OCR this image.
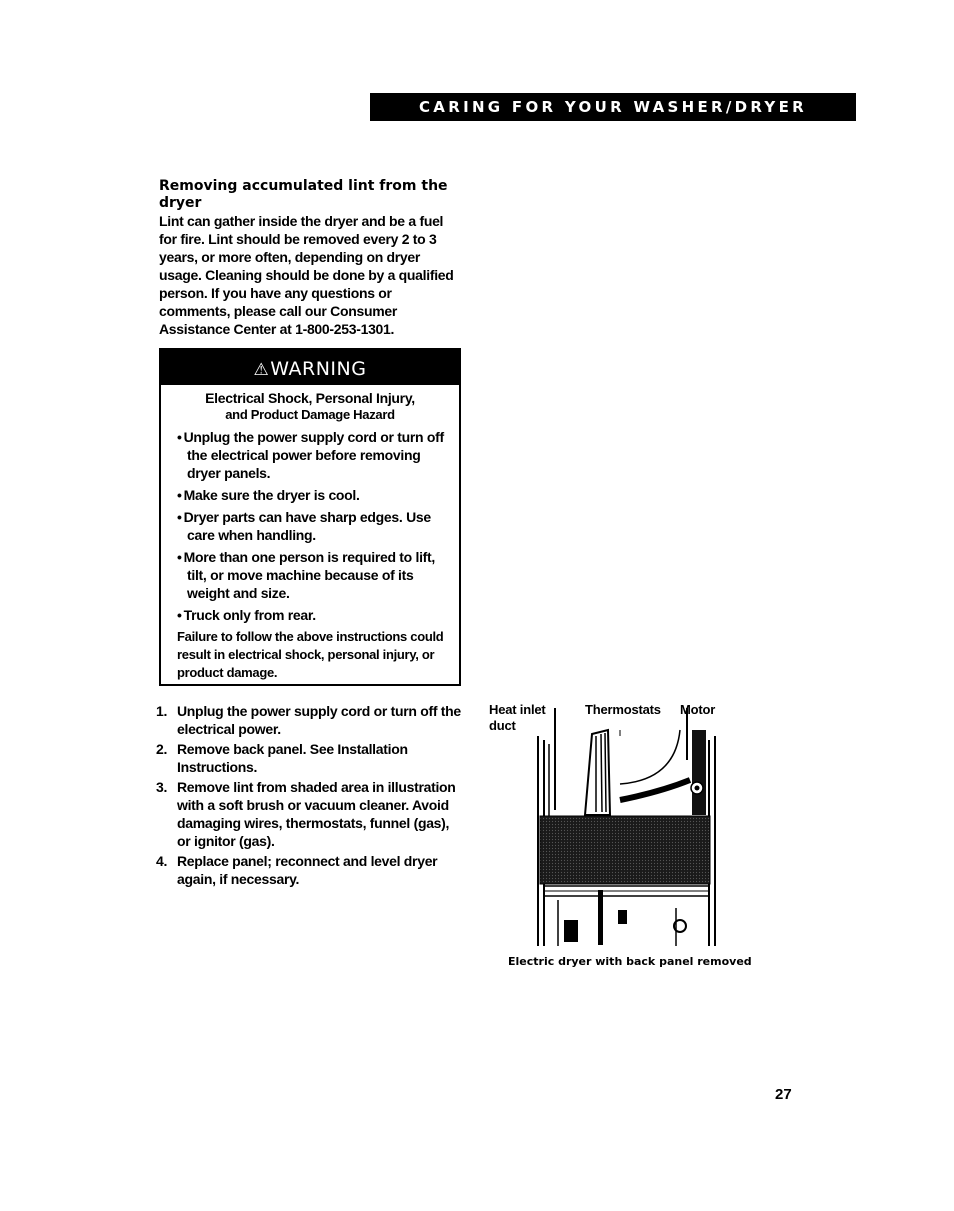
CARING FOR YOUR WASHER/DRYER

Removing accumulated lint from the dryer

Lint can gather inside the dryer and be a fuel for fire. Lint should be removed every 2 to 3 years, or more often, depending on dryer usage. Cleaning should be done by a qualified person. If you have any questions or comments, please call our Consumer Assistance Center at 1-800-253-1301.

⚠WARNING
Electrical Shock, Personal Injury,
and Product Damage Hazard
• Unplug the power supply cord or turn off the electrical power before removing dryer panels.
• Make sure the dryer is cool.
• Dryer parts can have sharp edges. Use care when handling.
• More than one person is required to lift, tilt, or move machine because of its weight and size.
• Truck only from rear.
Failure to follow the above instructions could result in electrical shock, personal injury, or product damage.
1. Unplug the power supply cord or turn off the electrical power.
2. Remove back panel. See Installation Instructions.
3. Remove lint from shaded area in illustration with a soft brush or vacuum cleaner. Avoid damaging wires, thermostats, funnel (gas), or ignitor (gas).
4. Replace panel; reconnect and level dryer again, if necessary.
Heat inlet
duct
Thermostats Motor
Electric dryer with back panel removed
27
